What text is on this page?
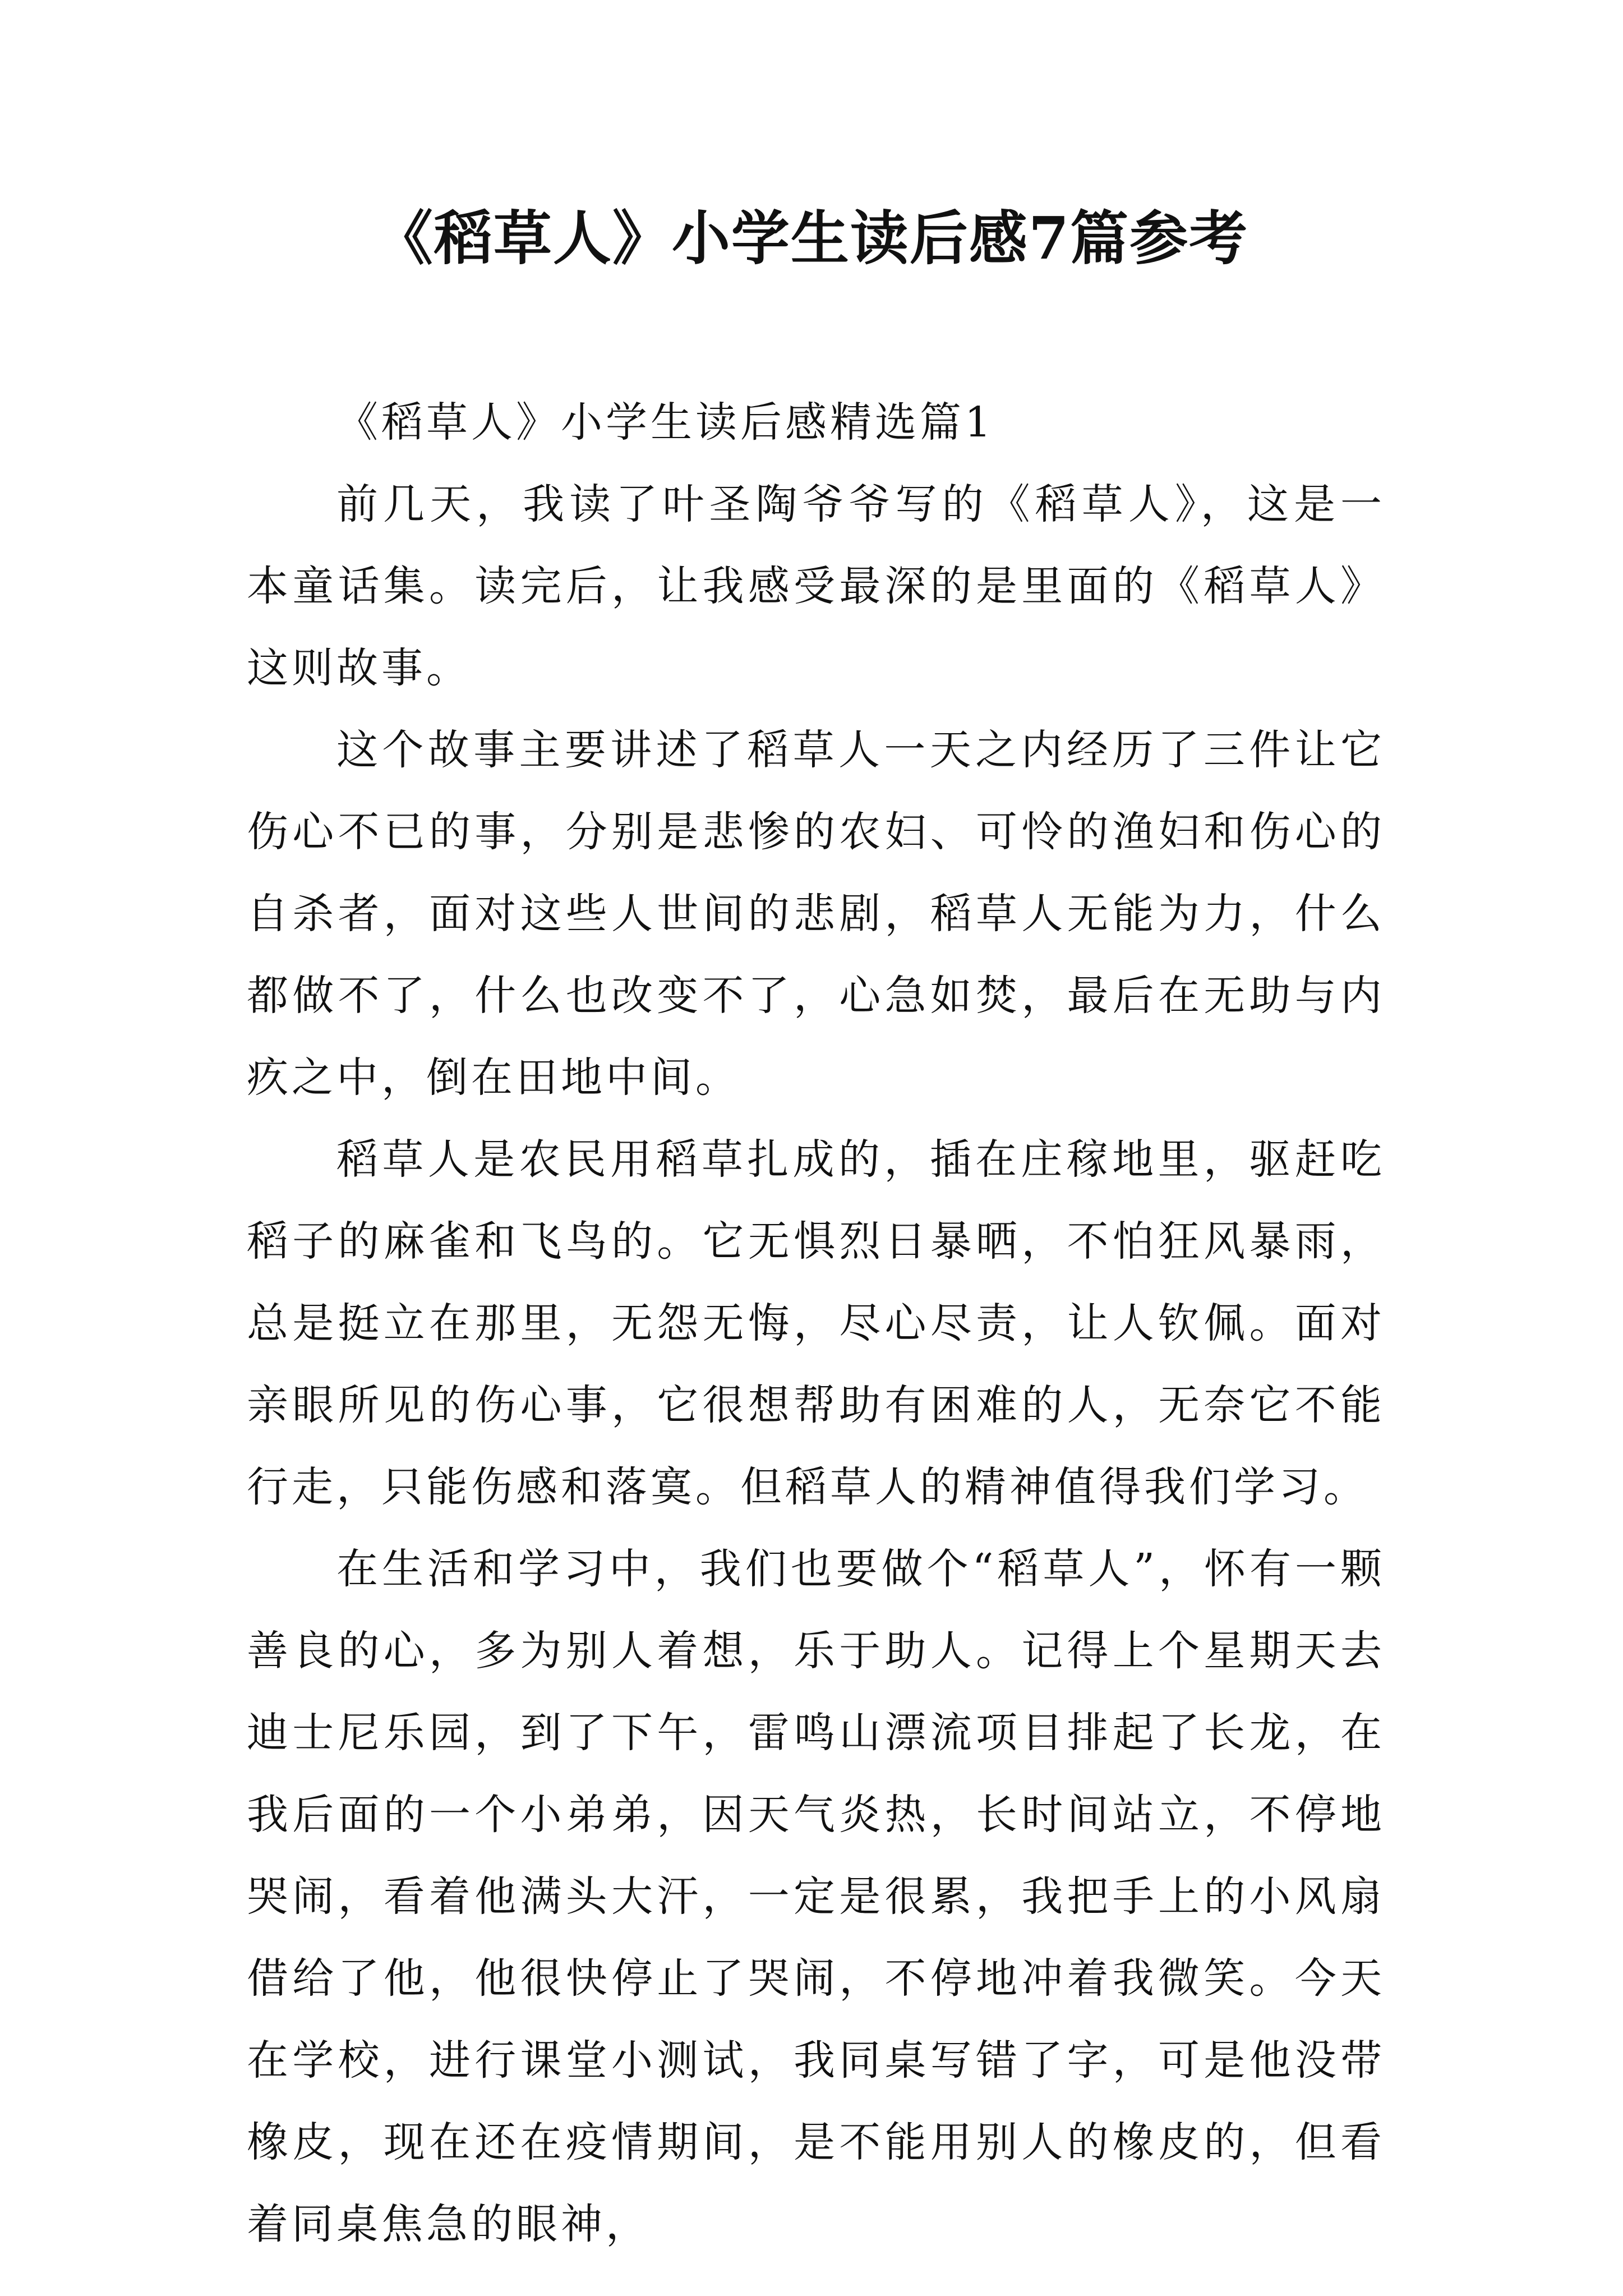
《稻草人》小学生读后感7篇参考

《稻草人》小学生读后感精选篇1

前几天，我读了叶圣陶爷爷写的《稻草人》，这是一本童话集。读完后，让我感受最深的是里面的《稻草人》这则故事。

这个故事主要讲述了稻草人一天之内经历了三件让它伤心不已的事，分别是悲惨的农妇、可怜的渔妇和伤心的自杀者，面对这些人世间的悲剧，稻草人无能为力，什么都做不了，什么也改变不了，心急如焚，最后在无助与内疚之中，倒在田地中间。

稻草人是农民用稻草扎成的，插在庄稼地里，驱赶吃稻子的麻雀和飞鸟的。它无惧烈日暴晒，不怕狂风暴雨，总是挺立在那里，无怨无悔，尽心尽责，让人钦佩。面对亲眼所见的伤心事，它很想帮助有困难的人，无奈它不能行走，只能伤感和落寞。但稻草人的精神值得我们学习。

在生活和学习中，我们也要做个“稻草人”，怀有一颗善良的心，多为别人着想，乐于助人。记得上个星期天去迪士尼乐园，到了下午，雷鸣山漂流项目排起了长龙，在我后面的一个小弟弟，因天气炎热，长时间站立，不停地哭闹，看着他满头大汗，一定是很累，我把手上的小风扇借给了他，他很快停止了哭闹，不停地冲着我微笑。今天在学校，进行课堂小测试，我同桌写错了字，可是他没带橡皮，现在还在疫情期间，是不能用别人的橡皮的，但看着同桌焦急的眼神，
